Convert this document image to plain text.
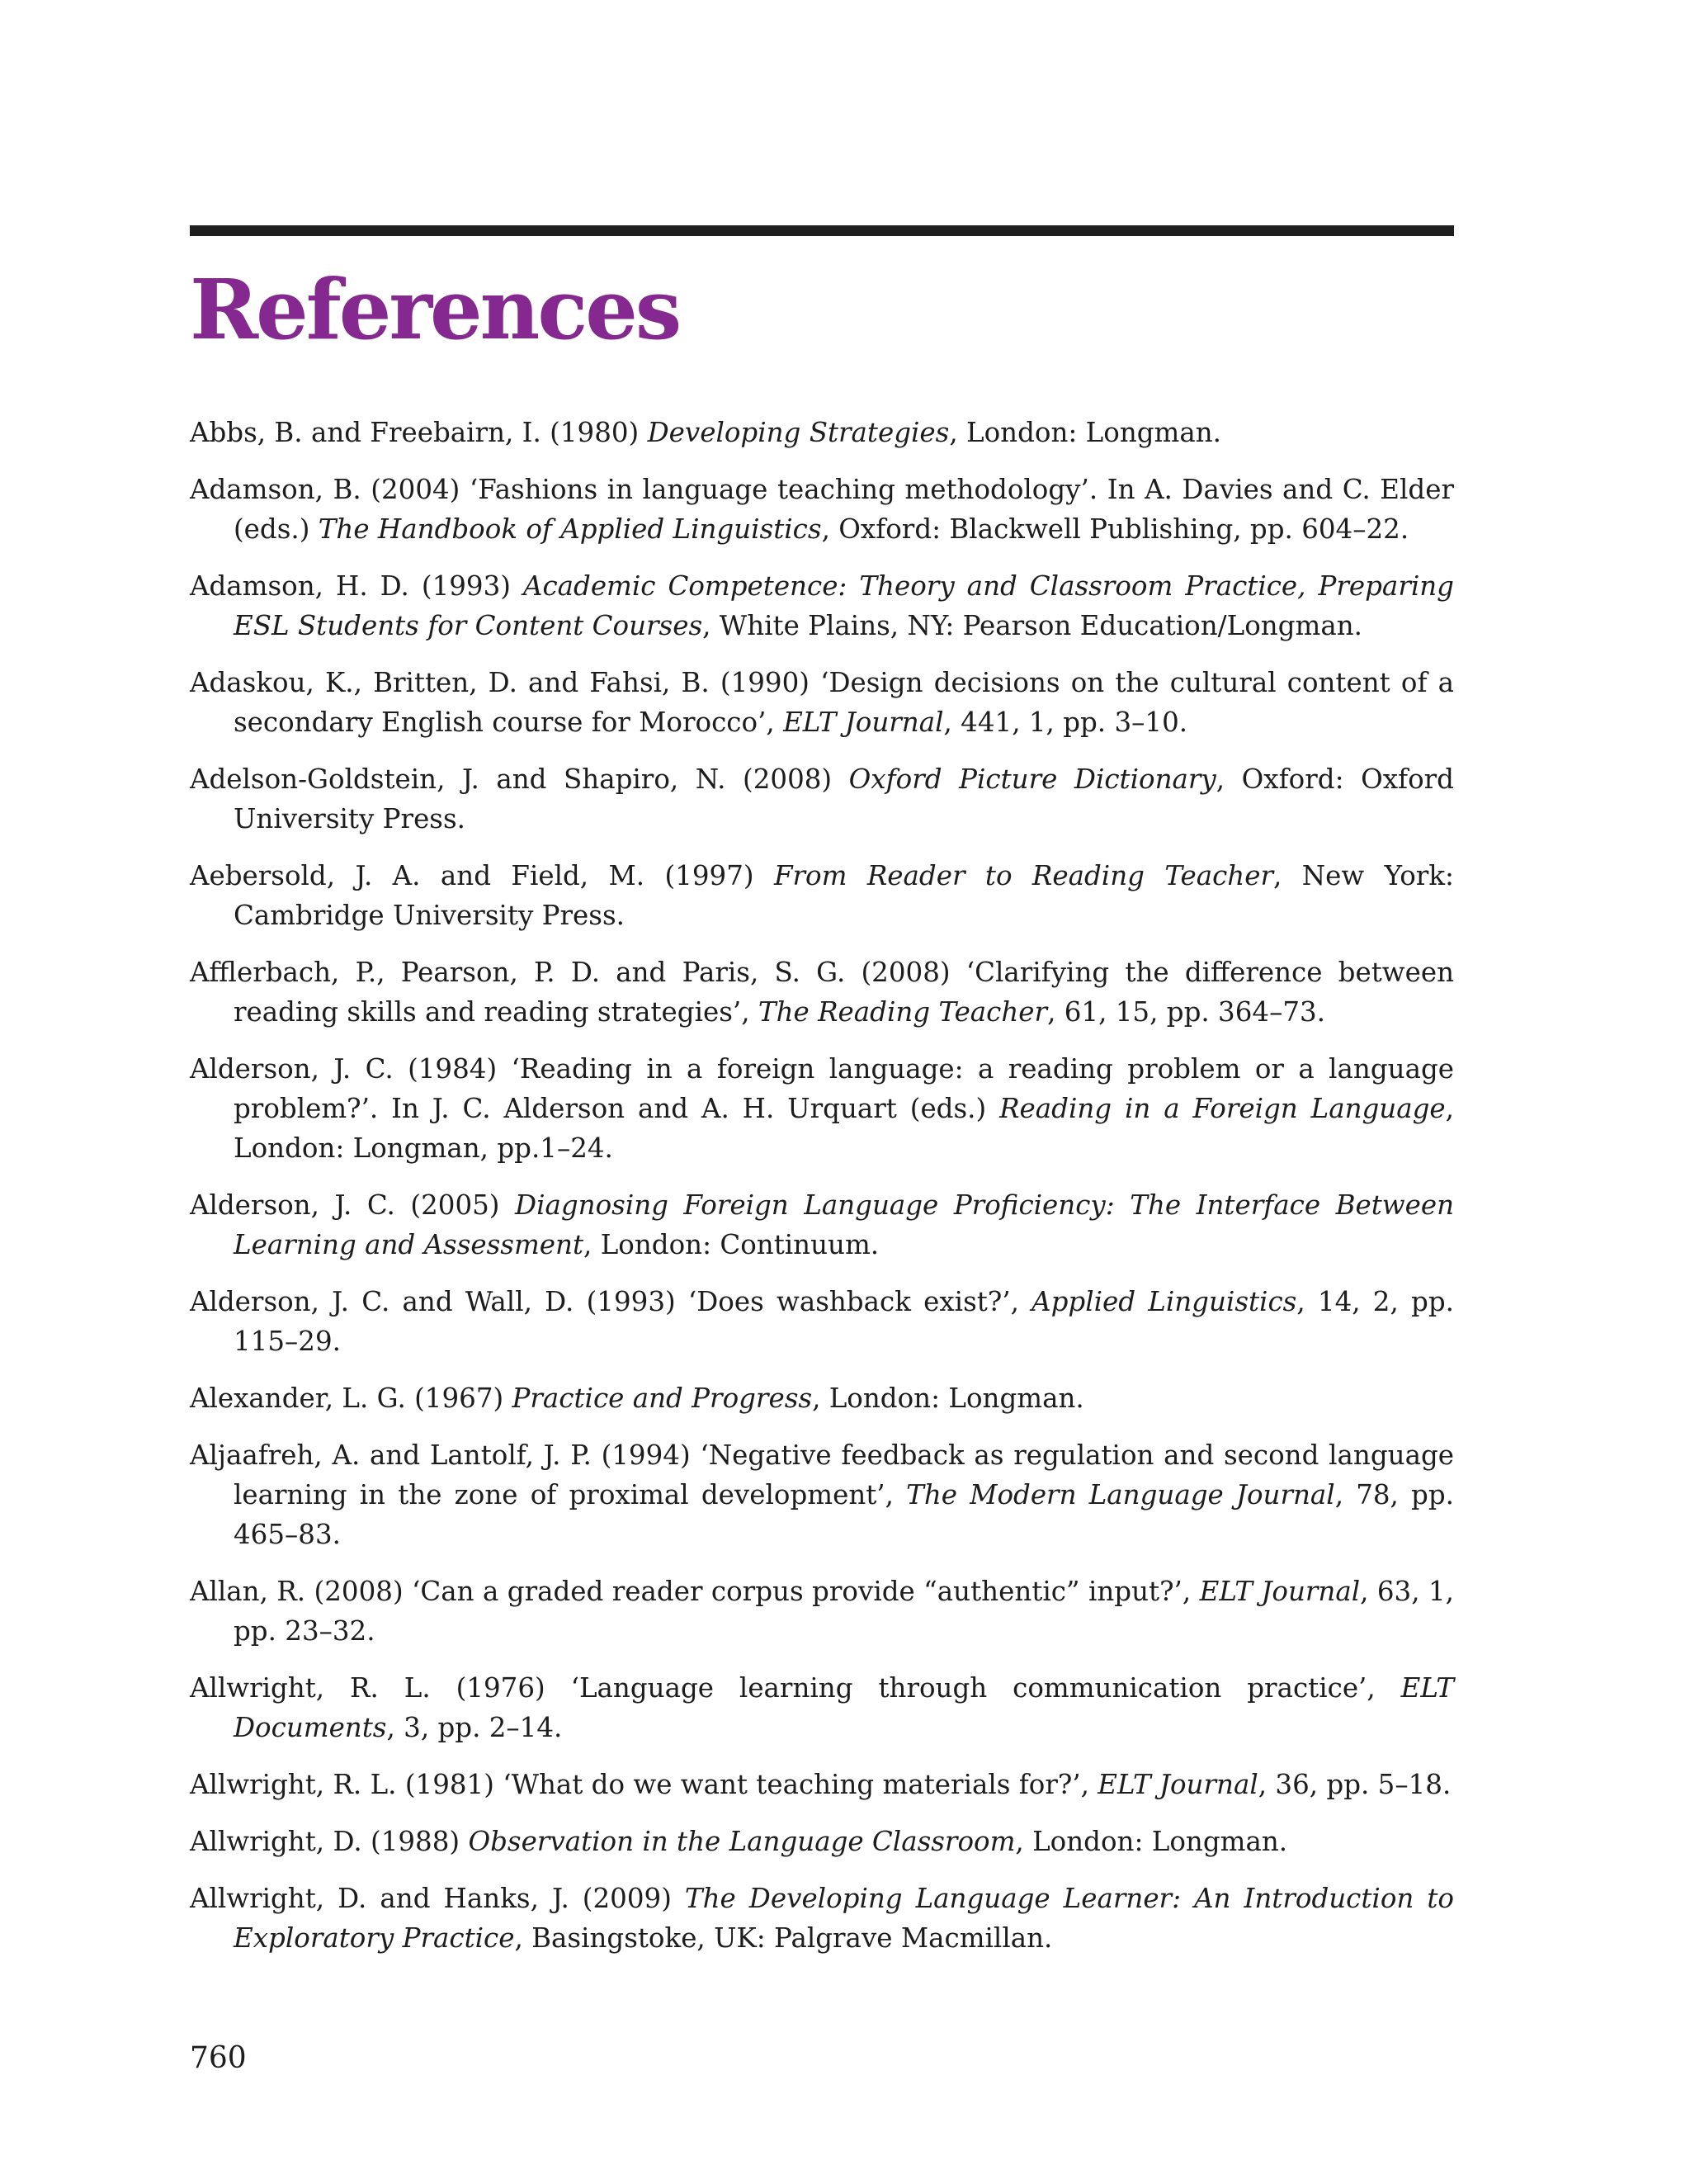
References
Abbs, B. and Freebairn, I. (1980) Developing Strategies, London: Longman.
Adamson, B. (2004) ‘Fashions in language teaching methodology’. In A. Davies and C. Elder (eds.) The Handbook of Applied Linguistics, Oxford: Blackwell Publishing, pp. 604–22.
Adamson, H. D. (1993) Academic Competence: Theory and Classroom Practice, Preparing ESL Students for Content Courses, White Plains, NY: Pearson Education/Longman.
Adaskou, K., Britten, D. and Fahsi, B. (1990) ‘Design decisions on the cultural content of a secondary English course for Morocco’, ELT Journal, 441, 1, pp. 3–10.
Adelson-Goldstein, J. and Shapiro, N. (2008) Oxford Picture Dictionary, Oxford: Oxford University Press.
Aebersold, J. A. and Field, M. (1997) From Reader to Reading Teacher, New York: Cambridge University Press.
Afflerbach, P., Pearson, P. D. and Paris, S. G. (2008) ‘Clarifying the difference between reading skills and reading strategies’, The Reading Teacher, 61, 15, pp. 364–73.
Alderson, J. C. (1984) ‘Reading in a foreign language: a reading problem or a language problem?’. In J. C. Alderson and A. H. Urquart (eds.) Reading in a Foreign Language, London: Longman, pp.1–24.
Alderson, J. C. (2005) Diagnosing Foreign Language Proficiency: The Interface Between Learning and Assessment, London: Continuum.
Alderson, J. C. and Wall, D. (1993) ‘Does washback exist?’, Applied Linguistics, 14, 2, pp. 115–29.
Alexander, L. G. (1967) Practice and Progress, London: Longman.
Aljaafreh, A. and Lantolf, J. P. (1994) ‘Negative feedback as regulation and second language learning in the zone of proximal development’, The Modern Language Journal, 78, pp. 465–83.
Allan, R. (2008) ‘Can a graded reader corpus provide “authentic” input?’, ELT Journal, 63, 1, pp. 23–32.
Allwright, R. L. (1976) ‘Language learning through communication practice’, ELT Documents, 3, pp. 2–14.
Allwright, R. L. (1981) ‘What do we want teaching materials for?’, ELT Journal, 36, pp. 5–18.
Allwright, D. (1988) Observation in the Language Classroom, London: Longman.
Allwright, D. and Hanks, J. (2009) The Developing Language Learner: An Introduction to Exploratory Practice, Basingstoke, UK: Palgrave Macmillan.
760
